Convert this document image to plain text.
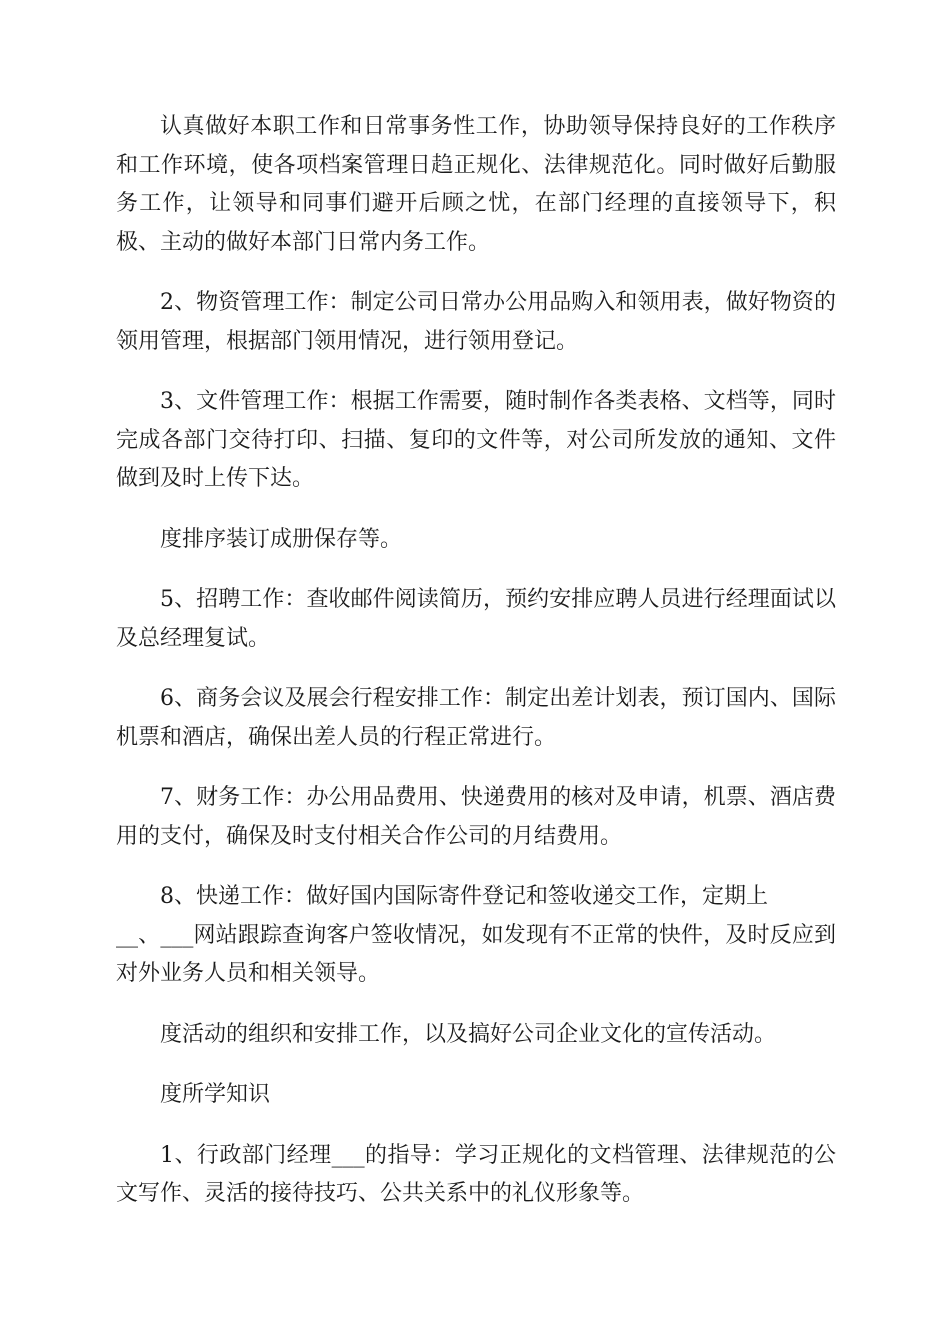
认真做好本职工作和日常事务性工作，协助领导保持良好的工作秩序和工作环境，使各项档案管理日趋正规化、法律规范化。同时做好后勤服务工作，让领导和同事们避开后顾之忧，在部门经理的直接领导下，积极、主动的做好本部门日常内务工作。

2、物资管理工作：制定公司日常办公用品购入和领用表，做好物资的领用管理，根据部门领用情况，进行领用登记。

3、文件管理工作：根据工作需要，随时制作各类表格、文档等，同时完成各部门交待打印、扫描、复印的文件等，对公司所发放的通知、文件做到及时上传下达。

度排序装订成册保存等。

5、招聘工作：查收邮件阅读简历，预约安排应聘人员进行经理面试以及总经理复试。

6、商务会议及展会行程安排工作：制定出差计划表，预订国内、国际机票和酒店，确保出差人员的行程正常进行。

7、财务工作：办公用品费用、快递费用的核对及申请，机票、酒店费用的支付，确保及时支付相关合作公司的月结费用。

8、快递工作：做好国内国际寄件登记和签收递交工作，定期上
__、___网站跟踪查询客户签收情况，如发现有不正常的快件，及时反应到对外业务人员和相关领导。

度活动的组织和安排工作，以及搞好公司企业文化的宣传活动。

度所学知识

1、行政部门经理___的指导：学习正规化的文档管理、法律规范的公文写作、灵活的接待技巧、公共关系中的礼仪形象等。
